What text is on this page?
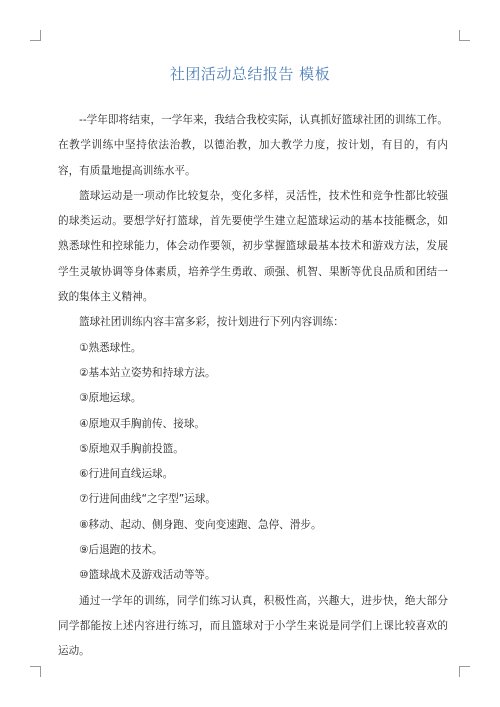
社团活动总结报告 模板

--学年即将结束，一学年来，我结合我校实际，认真抓好篮球社团的训练工作。在教学训练中坚持依法治教，以德治教，加大教学力度，按计划，有目的，有内容，有质量地提高训练水平。

篮球运动是一项动作比较复杂，变化多样，灵活性，技术性和竞争性都比较强的球类运动。要想学好打篮球，首先要使学生建立起篮球运动的基本技能概念，如熟悉球性和控球能力，体会动作要领，初步掌握篮球最基本技术和游戏方法，发展学生灵敏协调等身体素质，培养学生勇敢、顽强、机智、果断等优良品质和团结一致的集体主义精神。

篮球社团训练内容丰富多彩，按计划进行下列内容训练：

①熟悉球性。

②基本站立姿势和持球方法。

③原地运球。

④原地双手胸前传、接球。

⑤原地双手胸前投篮。

⑥行进间直线运球。

⑦行进间曲线“之字型”运球。

⑧移动、起动、侧身跑、变向变速跑、急停、滑步。

⑨后退跑的技术。

⑩篮球战术及游戏活动等等。

通过一学年的训练，同学们练习认真，积极性高，兴趣大，进步快，绝大部分同学都能按上述内容进行练习，而且篮球对于小学生来说是同学们上课比较喜欢的运动。
